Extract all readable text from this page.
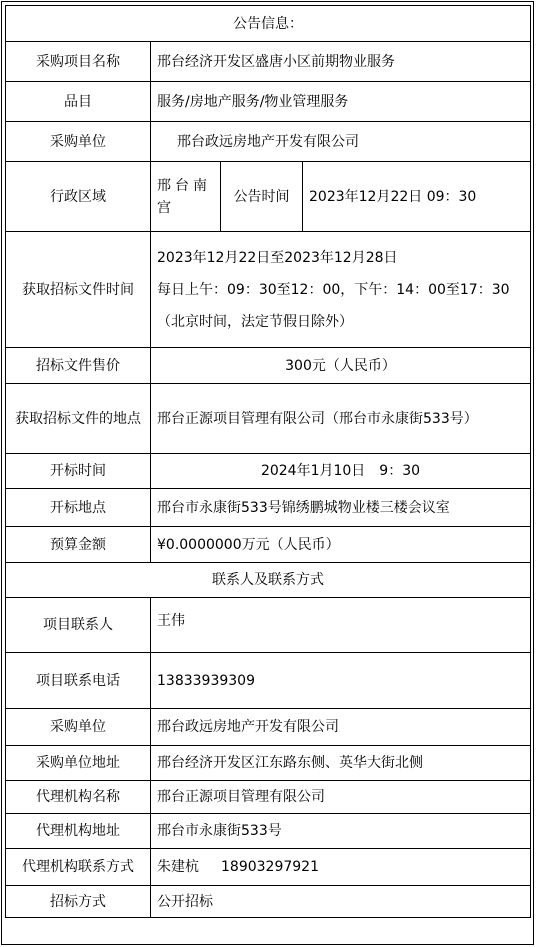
公告信息：			
采购项目名称	邢台经济开发区盛唐小区前期物业服务		
品目	服务/房地产服务/物业管理服务		
采购单位	邢台政远房地产开发有限公司		
行政区域	邢台南宫	公告时间	2023年12月22日 09：30
获取招标文件时间	2023年12月22日至2023年12月28日
每日上午：09：30至12：00，下午：14：00至17：30（北京时间，法定节假日除外）		

招标文件售价	300元（人民币）		
获取招标文件的地点	邢台正源项目管理有限公司（邢台市永康街533号）		
开标时间	2024年1月10日　9：30		
开标地点	邢台市永康街533号锦绣鹏城物业楼三楼会议室		
预算金额	¥0.0000000万元（人民币）		
联系人及联系方式			
项目联系人	王伟		
项目联系电话	13833939309		
采购单位	邢台政远房地产开发有限公司		
采购单位地址	邢台经济开发区江东路东侧、英华大街北侧		
代理机构名称	邢台正源项目管理有限公司		
代理机构地址	邢台市永康街533号		
代理机构联系方式	朱建杭 18903297921		
招标方式	公开招标		
